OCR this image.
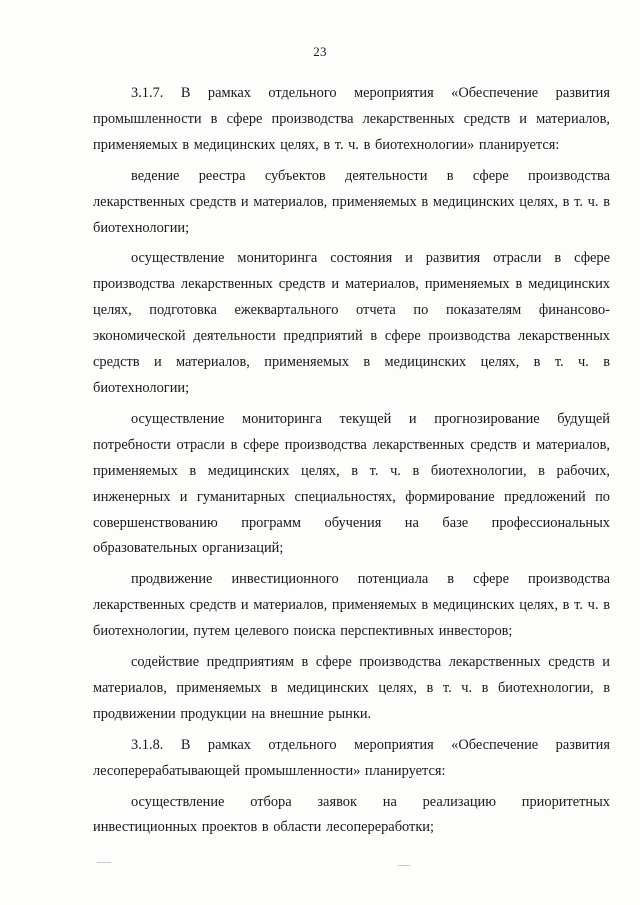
23

3.1.7. В рамках отдельного мероприятия «Обеспечение развития промышленности в сфере производства лекарственных средств и материалов, применяемых в медицинских целях, в т. ч. в биотехнологии» планируется:

ведение реестра субъектов деятельности в сфере производства лекарственных средств и материалов, применяемых в медицинских целях, в т. ч. в биотехнологии;

осуществление мониторинга состояния и развития отрасли в сфере производства лекарственных средств и материалов, применяемых в медицинских целях, подготовка ежеквартального отчета по показателям финансово-экономической деятельности предприятий в сфере производства лекарственных средств и материалов, применяемых в медицинских целях, в т. ч. в биотехнологии;

осуществление мониторинга текущей и прогнозирование будущей потребности отрасли в сфере производства лекарственных средств и материалов, применяемых в медицинских целях, в т. ч. в биотехнологии, в рабочих, инженерных и гуманитарных специальностях, формирование предложений по совершенствованию программ обучения на базе профессиональных образовательных организаций;

продвижение инвестиционного потенциала в сфере производства лекарственных средств и материалов, применяемых в медицинских целях, в т. ч. в биотехнологии, путем целевого поиска перспективных инвесторов;

содействие предприятиям в сфере производства лекарственных средств и материалов, применяемых в медицинских целях, в т. ч. в биотехнологии, в продвижении продукции на внешние рынки.

3.1.8. В рамках отдельного мероприятия «Обеспечение развития лесоперерабатывающей промышленности» планируется:

осуществление отбора заявок на реализацию приоритетных инвестиционных проектов в области лесопереработки;
